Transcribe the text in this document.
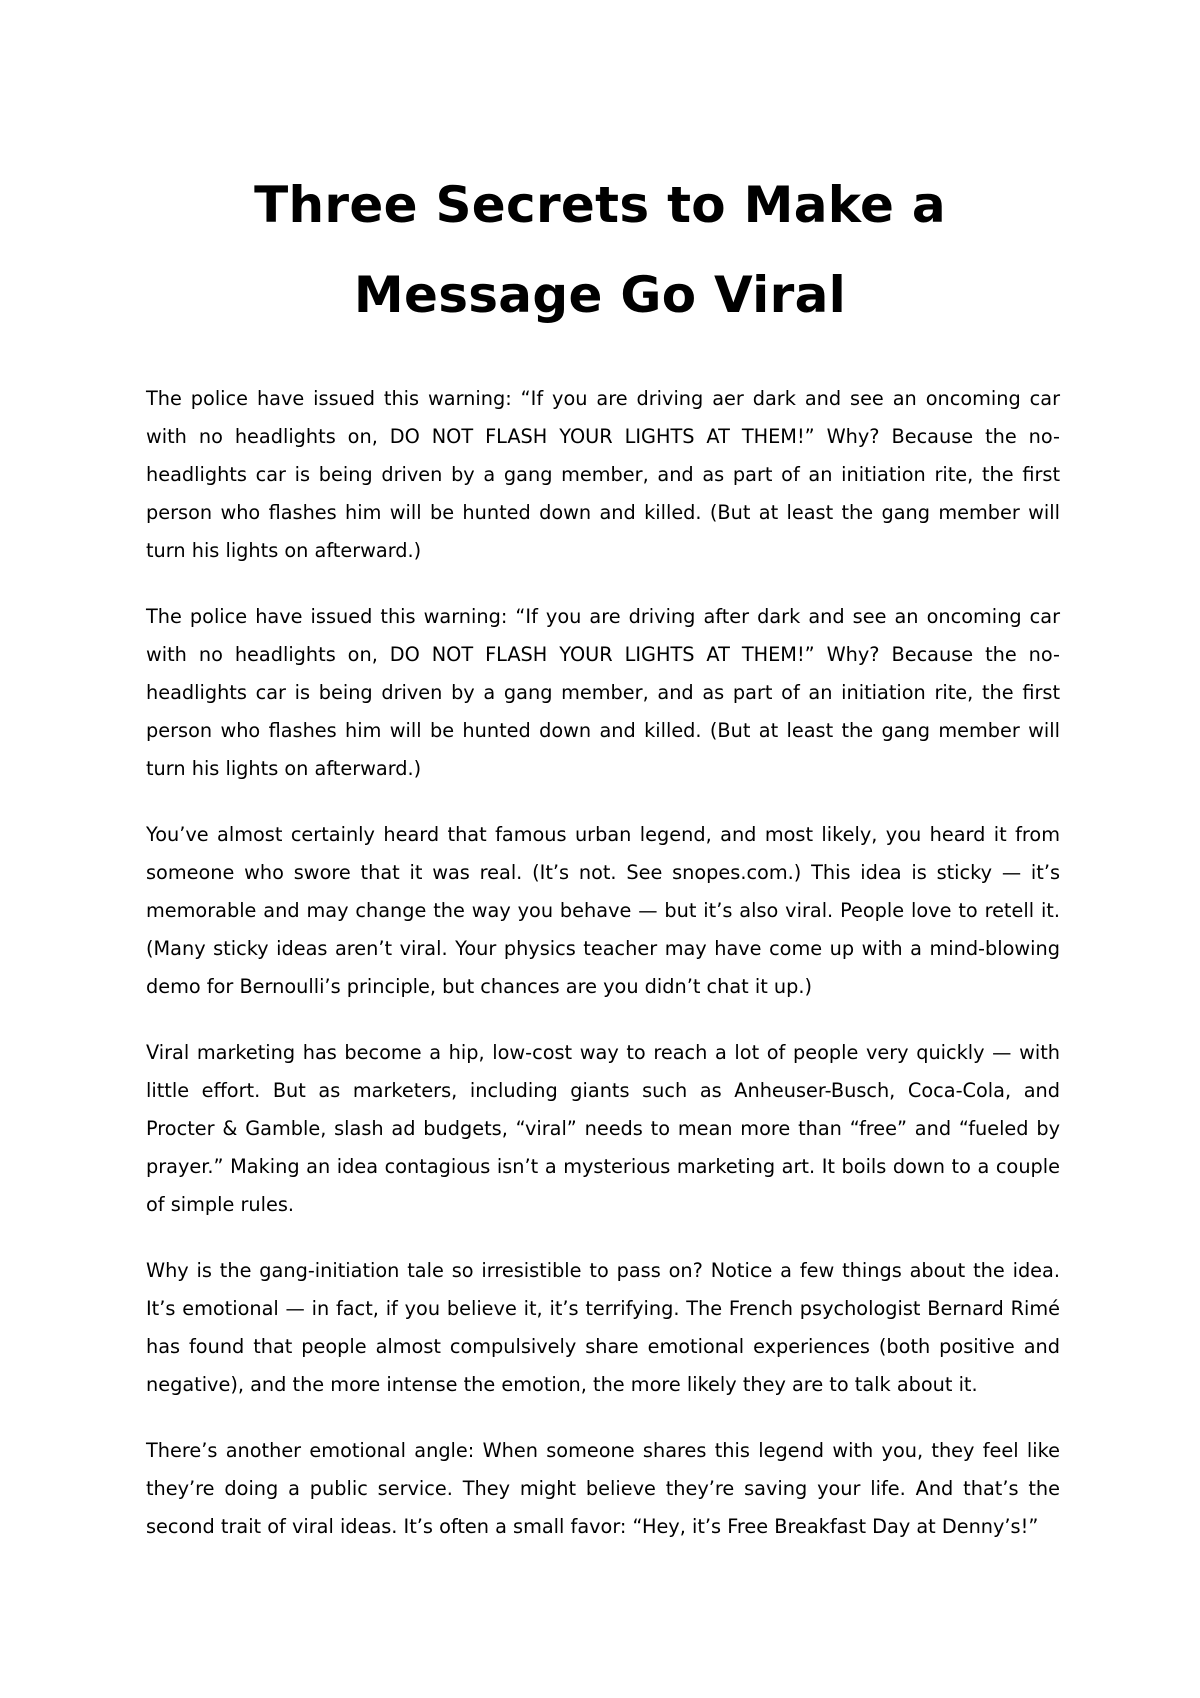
Three Secrets to Make a Message Go Viral

The police have issued this warning: “If you are driving aer dark and see an oncoming car with no headlights on, DO NOT FLASH YOUR LIGHTS AT THEM!” Why? Because the no-headlights car is being driven by a gang member, and as part of an initiation rite, the first person who flashes him will be hunted down and killed. (But at least the gang member will turn his lights on afterward.)

The police have issued this warning: “If you are driving after dark and see an oncoming car with no headlights on, DO NOT FLASH YOUR LIGHTS AT THEM!” Why? Because the no-headlights car is being driven by a gang member, and as part of an initiation rite, the first person who flashes him will be hunted down and killed. (But at least the gang member will turn his lights on afterward.)

You’ve almost certainly heard that famous urban legend, and most likely, you heard it from someone who swore that it was real. (It’s not. See snopes.com.) This idea is sticky — it’s memorable and may change the way you behave — but it’s also viral. People love to retell it. (Many sticky ideas aren’t viral. Your physics teacher may have come up with a mind-blowing demo for Bernoulli’s principle, but chances are you didn’t chat it up.)

Viral marketing has become a hip, low-cost way to reach a lot of people very quickly — with little effort. But as marketers, including giants such as Anheuser-Busch, Coca-Cola, and Procter & Gamble, slash ad budgets, “viral” needs to mean more than “free” and “fueled by prayer.” Making an idea contagious isn’t a mysterious marketing art. It boils down to a couple of simple rules.

Why is the gang-initiation tale so irresistible to pass on? Notice a few things about the idea. It’s emotional — in fact, if you believe it, it’s terrifying. The French psychologist Bernard Rimé has found that people almost compulsively share emotional experiences (both positive and negative), and the more intense the emotion, the more likely they are to talk about it.

There’s another emotional angle: When someone shares this legend with you, they feel like they’re doing a public service. They might believe they’re saving your life. And that’s the second trait of viral ideas. It’s often a small favor: “Hey, it’s Free Breakfast Day at Denny’s!”
